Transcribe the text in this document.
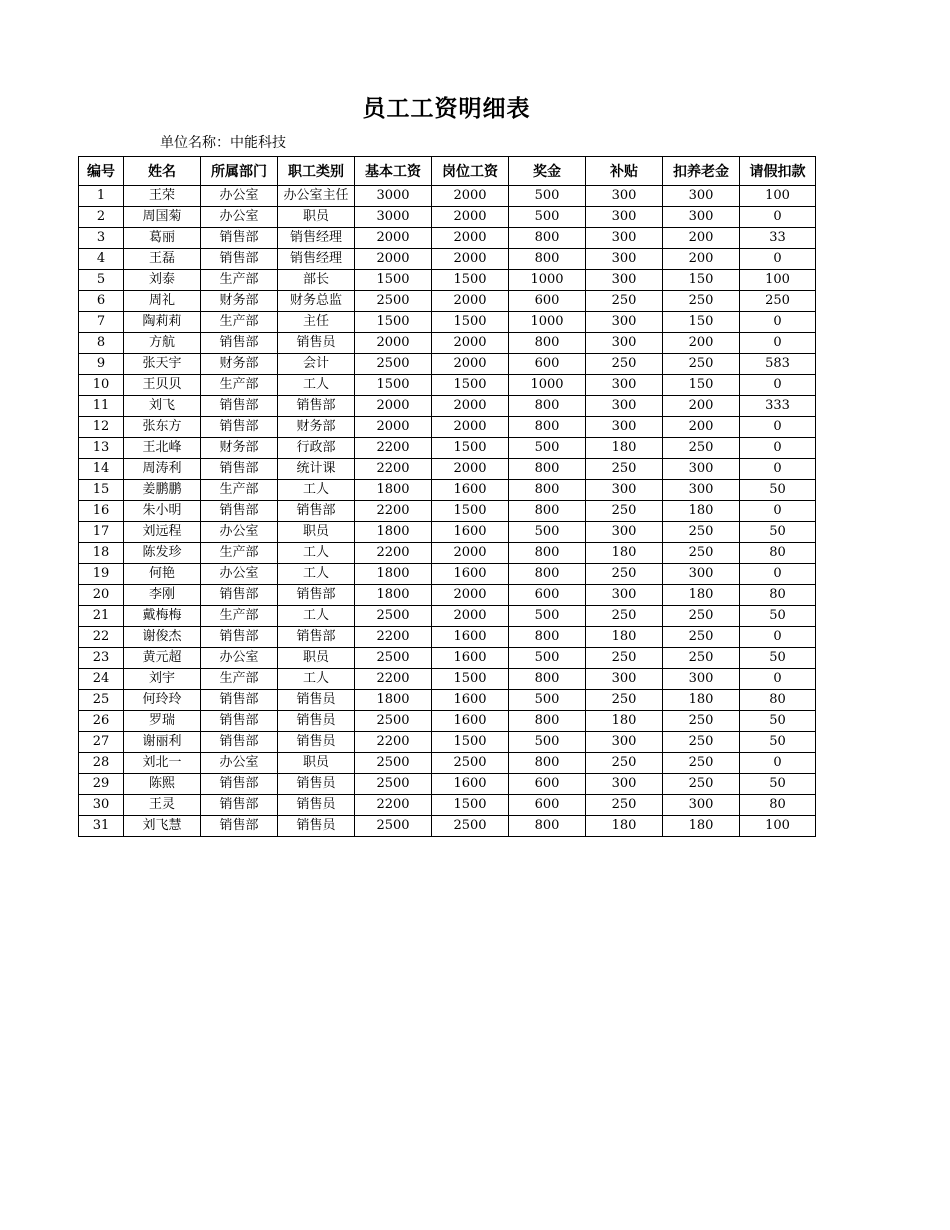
员工工资明细表
单位名称：中能科技
编号	姓名	所属部门	职工类别	基本工资	岗位工资	奖金	补贴	扣养老金	请假扣款
1	王荣	办公室	办公室主任	3000	2000	500	300	300	100
2	周国菊	办公室	职员	3000	2000	500	300	300	0
3	葛丽	销售部	销售经理	2000	2000	800	300	200	33
4	王磊	销售部	销售经理	2000	2000	800	300	200	0
5	刘泰	生产部	部长	1500	1500	1000	300	150	100
6	周礼	财务部	财务总监	2500	2000	600	250	250	250
7	陶莉莉	生产部	主任	1500	1500	1000	300	150	0
8	方航	销售部	销售员	2000	2000	800	300	200	0
9	张天宇	财务部	会计	2500	2000	600	250	250	583
10	王贝贝	生产部	工人	1500	1500	1000	300	150	0
11	刘飞	销售部	销售部	2000	2000	800	300	200	333
12	张东方	销售部	财务部	2000	2000	800	300	200	0
13	王北峰	财务部	行政部	2200	1500	500	180	250	0
14	周涛利	销售部	统计课	2200	2000	800	250	300	0
15	姜鹏鹏	生产部	工人	1800	1600	800	300	300	50
16	朱小明	销售部	销售部	2200	1500	800	250	180	0
17	刘远程	办公室	职员	1800	1600	500	300	250	50
18	陈发珍	生产部	工人	2200	2000	800	180	250	80
19	何艳	办公室	工人	1800	1600	800	250	300	0
20	李刚	销售部	销售部	1800	2000	600	300	180	80
21	戴梅梅	生产部	工人	2500	2000	500	250	250	50
22	谢俊杰	销售部	销售部	2200	1600	800	180	250	0
23	黄元超	办公室	职员	2500	1600	500	250	250	50
24	刘宇	生产部	工人	2200	1500	800	300	300	0
25	何玲玲	销售部	销售员	1800	1600	500	250	180	80
26	罗瑞	销售部	销售员	2500	1600	800	180	250	50
27	谢丽利	销售部	销售员	2200	1500	500	300	250	50
28	刘北一	办公室	职员	2500	2500	800	250	250	0
29	陈熙	销售部	销售员	2500	1600	600	300	250	50
30	王灵	销售部	销售员	2200	1500	600	250	300	80
31	刘飞慧	销售部	销售员	2500	2500	800	180	180	100
